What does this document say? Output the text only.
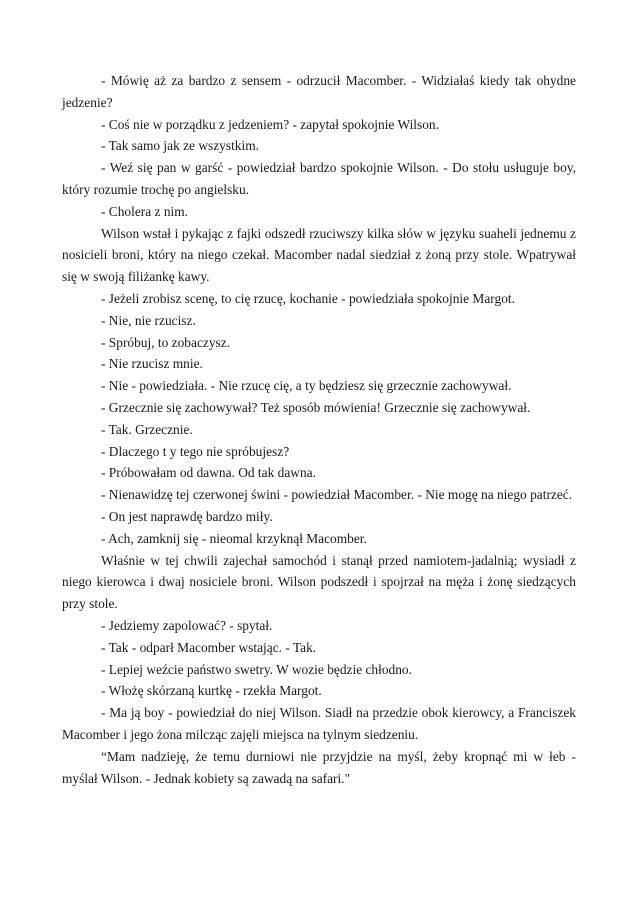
- Mówię aż za bardzo z sensem - odrzucił Macomber. - Widziałaś kiedy tak ohydne jedzenie?

- Coś nie w porządku z jedzeniem? - zapytał spokojnie Wilson.

- Tak samo jak ze wszystkim.

- Weź się pan w garść - powiedział bardzo spokojnie Wilson. - Do stołu usługuje boy, który rozumie trochę po angielsku.

- Cholera z nim.

Wilson wstał i pykając z fajki odszedł rzuciwszy kilka słów w języku suaheli jednemu z nosicieli broni, który na niego czekał. Macomber nadal siedział z żoną przy stole. Wpatrywał się w swoją filiżankę kawy.

- Jeżeli zrobisz scenę, to cię rzucę, kochanie - powiedziała spokojnie Margot.

- Nie, nie rzucisz.

- Spróbuj, to zobaczysz.

- Nie rzucisz mnie.

- Nie - powiedziała. - Nie rzucę cię, a ty będziesz się grzecznie zachowywał.

- Grzecznie się zachowywał? Też sposób mówienia! Grzecznie się zachowywał.

- Tak. Grzecznie.

- Dlaczego t y tego nie spróbujesz?

- Próbowałam od dawna. Od tak dawna.

- Nienawidzę tej czerwonej świni - powiedział Macomber. - Nie mogę na niego patrzeć.

- On jest naprawdę bardzo miły.

- Ach, zamknij się - nieomal krzyknął Macomber.

Właśnie w tej chwili zajechał samochód i stanął przed namiotem-jadalnią; wysiadł z niego kierowca i dwaj nosiciele broni. Wilson podszedł i spojrzał na męża i żonę siedzących przy stole.

- Jedziemy zapolować? - spytał.

- Tak - odparł Macomber wstając. - Tak.

- Lepiej weźcie państwo swetry. W wozie będzie chłodno.

- Włożę skórzaną kurtkę - rzekła Margot.

- Ma ją boy - powiedział do niej Wilson. Siadł na przedzie obok kierowcy, a Franciszek Macomber i jego żona milcząc zajęli miejsca na tylnym siedzeniu.

“Mam nadzieję, że temu durniowi nie przyjdzie na myśl, żeby kropnąć mi w łeb - myślał Wilson. - Jednak kobiety są zawadą na safari."
